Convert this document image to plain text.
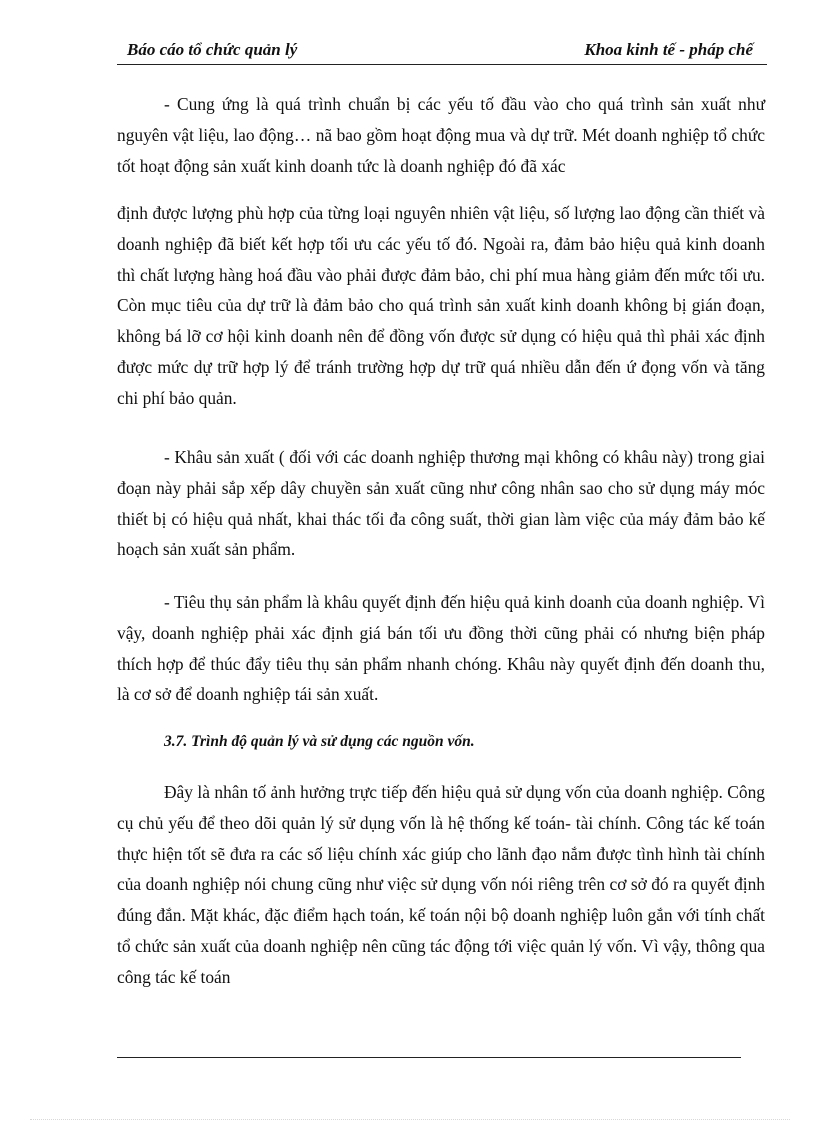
Báo cáo tổ chức quản lý	Khoa kinh tế - pháp chế

- Cung ứng là quá trình chuẩn bị các yếu tố đầu vào cho quá trình sản xuất như nguyên vật liệu, lao động… nã bao gồm hoạt động mua và dự trữ. Mét doanh nghiệp tổ chức tốt hoạt động sản xuất kinh doanh tức là doanh nghiệp đó đã xác

định được lượng phù hợp của từng loại nguyên nhiên vật liệu, số lượng lao động cần thiết và doanh nghiệp đã biết kết hợp tối ưu các yếu tố đó. Ngoài ra, đảm bảo hiệu quả kinh doanh thì chất lượng hàng hoá đầu vào phải được đảm bảo, chi phí mua hàng giảm đến mức tối ưu. Còn mục tiêu của dự trữ là đảm bảo cho quá trình sản xuất kinh doanh không bị gián đoạn, không bá lỡ cơ hội kinh doanh nên để đồng vốn được sử dụng có hiệu quả thì phải xác định được mức dự trữ hợp lý để tránh trường hợp dự trữ quá nhiều dẫn đến ứ đọng vốn và tăng chi phí bảo quản.

- Khâu sản xuất ( đối với các doanh nghiệp thương mại không có khâu này) trong giai đoạn này phải sắp xếp dây chuyền sản xuất cũng như công nhân sao cho sử dụng máy móc thiết bị có hiệu quả nhất, khai thác tối đa công suất, thời gian làm việc của máy đảm bảo kế hoạch sản xuất sản phẩm.

- Tiêu thụ sản phẩm là khâu quyết định đến hiệu quả kinh doanh của doanh nghiệp. Vì vậy, doanh nghiệp phải xác định giá bán tối ưu đồng thời cũng phải có nhưng biện pháp thích hợp để thúc đẩy tiêu thụ sản phẩm nhanh chóng. Khâu này quyết định đến doanh thu, là cơ sở để doanh nghiệp tái sản xuất.

3.7. Trình độ quản lý và sử dụng các nguồn vốn.

Đây là nhân tố ảnh hưởng trực tiếp đến hiệu quả sử dụng vốn của doanh nghiệp. Công cụ chủ yếu để theo dõi quản lý sử dụng vốn là hệ thống kế toán- tài chính. Công tác kế toán thực hiện tốt sẽ đưa ra các số liệu chính xác giúp cho lãnh đạo nắm được tình hình tài chính của doanh nghiệp nói chung cũng như việc sử dụng vốn nói riêng trên cơ sở đó ra quyết định đúng đắn. Mặt khác, đặc điểm hạch toán, kế toán nội bộ doanh nghiệp luôn gắn với tính chất tổ chức sản xuất của doanh nghiệp nên cũng tác động tới việc quản lý vốn. Vì vậy, thông qua công tác kế toán
